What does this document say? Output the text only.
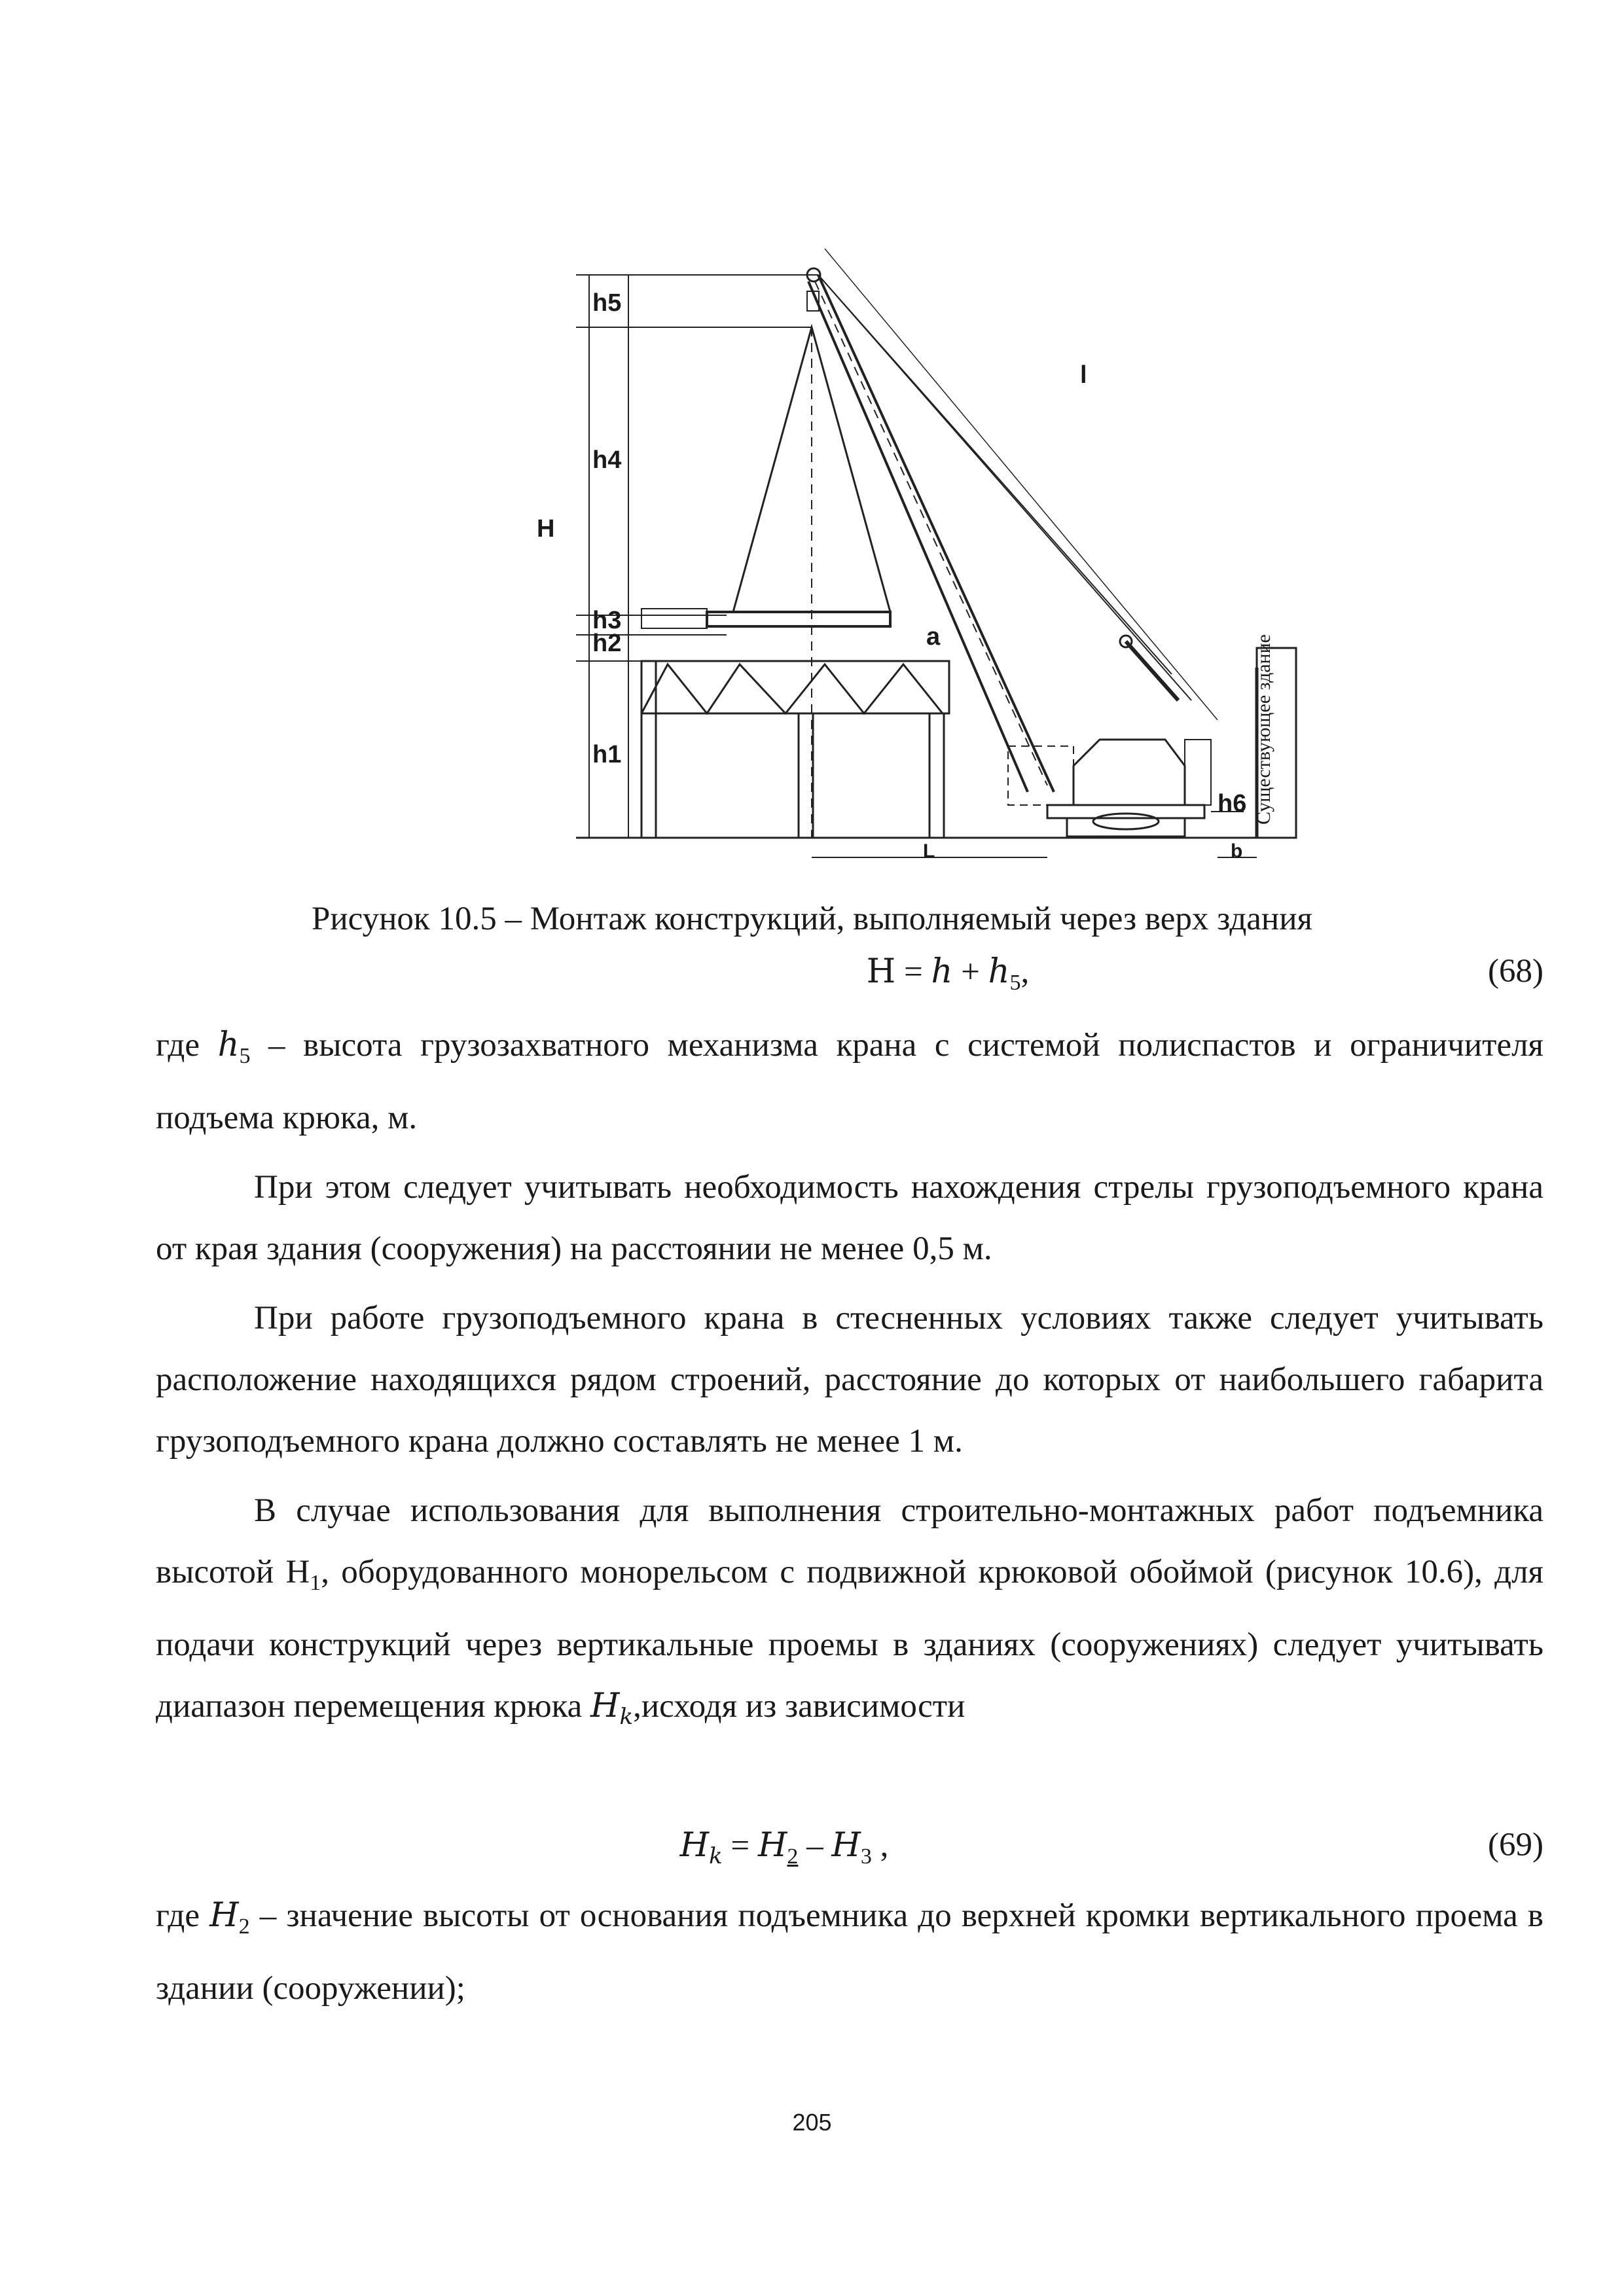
H
h5
h4
h3
h2
h1
a
l
h6
L	b
Существующее здание
Рисунок 10.5 – Монтаж конструкций, выполняемый через верх здания
$H = h + h_5$,	(68)

где $h_5$ – высота грузозахватного механизма крана с системой полиспастов и ограничителя подъема крюка, м.

При этом следует учитывать необходимость нахождения стрелы грузоподъемного крана от края здания (сооружения) на расстоянии не менее 0,5 м.

При работе грузоподъемного крана в стесненных условиях также следует учитывать расположение находящихся рядом строений, расстояние до которых от наибольшего габарита грузоподъемного крана должно составлять не менее 1 м.

В случае использования для выполнения строительно-монтажных работ подъемника высотой $Н_1$, оборудованного монорельсом с подвижной крюковой обоймой (рисунок 10.6), для подачи конструкций через вертикальные проемы в зданиях (сооружениях) следует учитывать диапазон перемещения крюка $H_k,исходя$ из зависимости

$H_k = H_2 - H_3$ ,	(69)

где $H_2$ – значение высоты от основания подъемника до верхней кромки вертикального проема в здании (сооружении);

205
